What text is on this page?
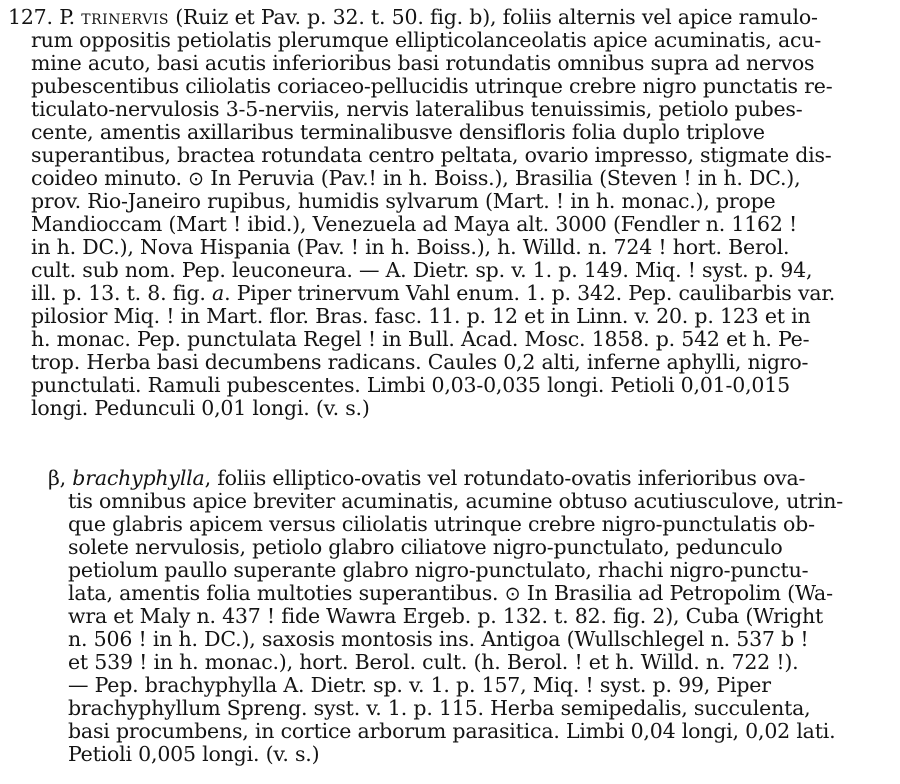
127. P. trinervis (Ruiz et Pav. p. 32. t. 50. fig. b), foliis alternis vel apice ramulo-
rum oppositis petiolatis plerumque ellipticolanceolatis apice acuminatis, acu-
mine acuto, basi acutis inferioribus basi rotundatis omnibus supra ad nervos
pubescentibus ciliolatis coriaceo-pellucidis utrinque crebre nigro punctatis re-
ticulato-nervulosis 3-5-nerviis, nervis lateralibus tenuissimis, petiolo pubes-
cente, amentis axillaribus terminalibusve densifloris folia duplo triplove
superantibus, bractea rotundata centro peltata, ovario impresso, stigmate dis-
coideo minuto. ⊙ In Peruvia (Pav.! in h. Boiss.), Brasilia (Steven ! in h. DC.),
prov. Rio-Janeiro rupibus, humidis sylvarum (Mart. ! in h. monac.), prope
Mandioccam (Mart ! ibid.), Venezuela ad Maya alt. 3000 (Fendler n. 1162 !
in h. DC.), Nova Hispania (Pav. ! in h. Boiss.), h. Willd. n. 724 ! hort. Berol.
cult. sub nom. Pep. leuconeura. — A. Dietr. sp. v. 1. p. 149. Miq. ! syst. p. 94,
ill. p. 13. t. 8. fig. a. Piper trinervum Vahl enum. 1. p. 342. Pep. caulibarbis var.
pilosior Miq. ! in Mart. flor. Bras. fasc. 11. p. 12 et in Linn. v. 20. p. 123 et in
h. monac. Pep. punctulata Regel ! in Bull. Acad. Mosc. 1858. p. 542 et h. Pe-
trop. Herba basi decumbens radicans. Caules 0,2 alti, inferne aphylli, nigro-
punctulati. Ramuli pubescentes. Limbi 0,03-0,035 longi. Petioli 0,01-0,015
longi. Pedunculi 0,01 longi. (v. s.)
β, brachyphylla, foliis elliptico-ovatis vel rotundato-ovatis inferioribus ova-
tis omnibus apice breviter acuminatis, acumine obtuso acutiusculove, utrin-
que glabris apicem versus ciliolatis utrinque crebre nigro-punctulatis ob-
solete nervulosis, petiolo glabro ciliatove nigro-punctulato, pedunculo
petiolum paullo superante glabro nigro-punctulato, rhachi nigro-punctu-
lata, amentis folia multoties superantibus. ⊙ In Brasilia ad Petropolim (Wa-
wra et Maly n. 437 ! fide Wawra Ergeb. p. 132. t. 82. fig. 2), Cuba (Wright
n. 506 ! in h. DC.), saxosis montosis ins. Antigoa (Wullschlegel n. 537 b !
et 539 ! in h. monac.), hort. Berol. cult. (h. Berol. ! et h. Willd. n. 722 !).
— Pep. brachyphylla A. Dietr. sp. v. 1. p. 157, Miq. ! syst. p. 99, Piper
brachyphyllum Spreng. syst. v. 1. p. 115. Herba semipedalis, succulenta,
basi procumbens, in cortice arborum parasitica. Limbi 0,04 longi, 0,02 lati.
Petioli 0,005 longi. (v. s.)
